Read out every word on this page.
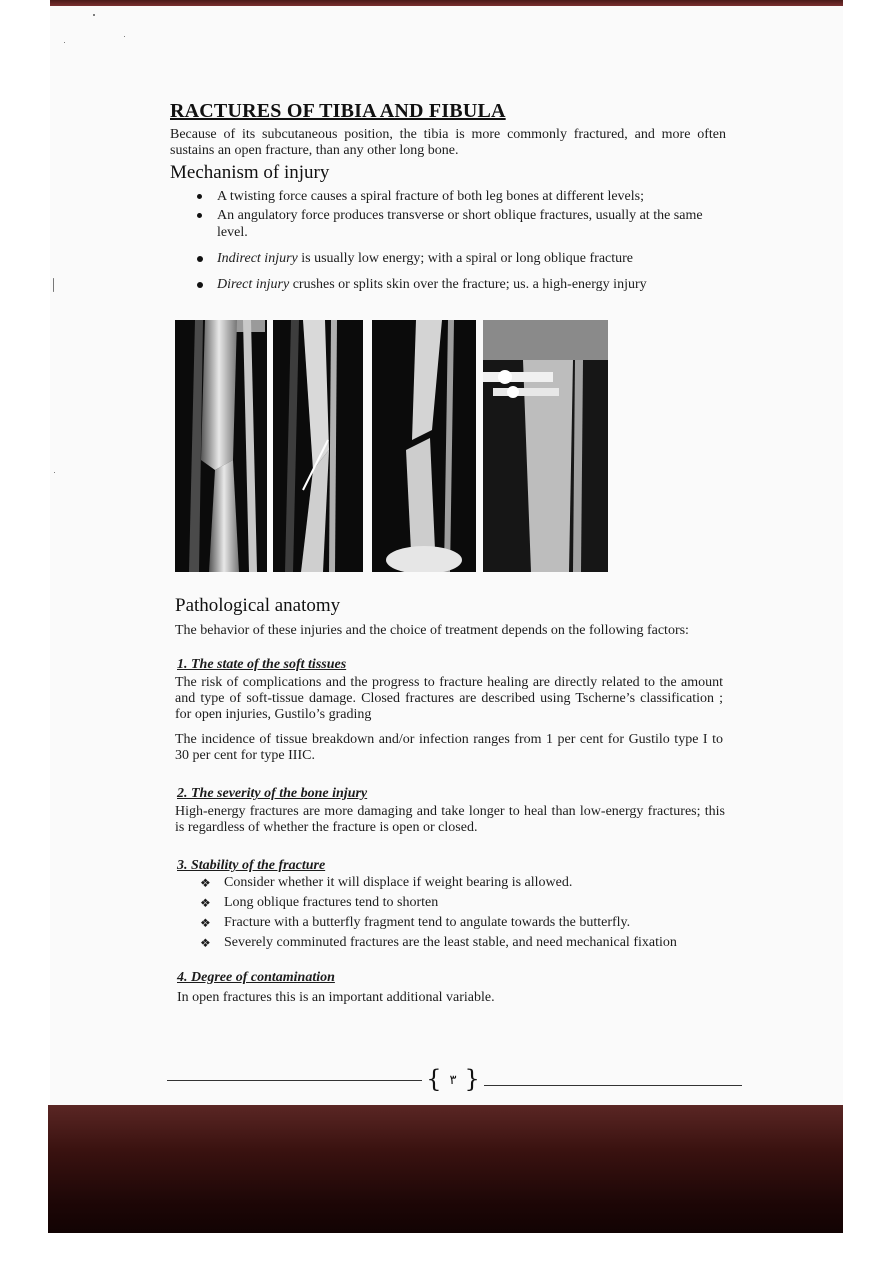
RACTURES OF TIBIA AND FIBULA
Because of its subcutaneous position, the tibia is more commonly fractured, and more often sustains an open fracture, than any other long bone.
Mechanism of injury
A twisting force causes a spiral fracture of both leg bones at different levels;
An angulatory force produces transverse or short oblique fractures, usually at the same level.
Indirect injury is usually low energy; with a spiral or long oblique fracture
Direct injury crushes or splits skin over the fracture; us. a high-energy injury
Pathological anatomy
The behavior of these injuries and the choice of treatment depends on the following factors:

1. The state of the soft tissues

The risk of complications and the progress to fracture healing are directly related to the amount and type of soft-tissue damage. Closed fractures are described using Tscherne’s classification ; for open injuries, Gustilo’s grading
The incidence of tissue breakdown and/or infection ranges from 1 per cent for Gustilo type I to 30 per cent for type IIIC.

2. The severity of the bone injury

High-energy fractures are more damaging and take longer to heal than low-energy fractures; this is regardless of whether the fracture is open or closed.

3. Stability of the fracture

❖ Consider whether it will displace if weight bearing is allowed.
❖ Long oblique fractures tend to shorten
❖ Fracture with a butterfly fragment tend to angulate towards the butterfly.
❖ Severely comminuted fractures are the least stable, and need mechanical fixation

4. Degree of contamination

In open fractures this is an important additional variable.
{ ٣ }
